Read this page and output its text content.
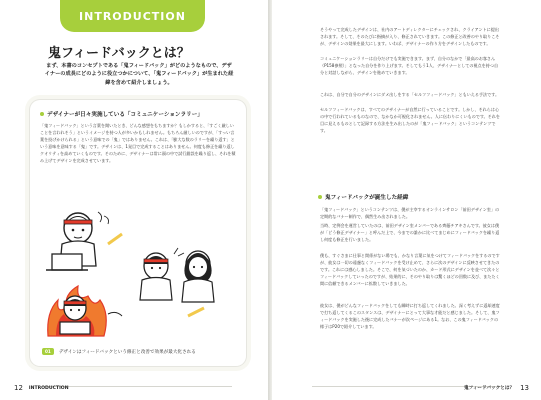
INTRODUCTION
鬼フィードバックとは？
まず、本書のコンセプトである「鬼フィードバック」がどのようなもので、デザイナーの成長にどのように役立つかについて、「鬼フィードバック」が生まれた経緯を含めて紹介しましょう。
デザイナーが日々実施している「コミュニケーションラリー」
「鬼フィードバック」という言葉を聞いたとき、どんな感想をもちますか？もしかすると、「すごく厳しいことを言われそう」というイメージを持つ人が多いかもしれません。もちろん厳しいのですが、「すっい言葉を投げかけられる」という意味での「鬼」ではありません。これは、「膨大な数のラリーを繰り返す」という意味を意味する「鬼」です。デザインは、1発目で完成することはありません。何度も修正を繰り返しクオリティを高めていくものです。そのために、デザイナーは常に頭の中で試行錯誤を繰り返し、それを積み上げてデザインを完成させています。
01	デザインはフィードバックという修正と改善で効果が最大化される
12 INTRODUCTION
そうやって完成したデザインは、社内のアートディレクターにチェックされ、クライアントに提出されます。そして、そのたびに指摘が入り、修正されていきます。この修正と改善のやり取りこそが、デザインの効果を最大にします。いわば、デザイナーの作り方をデザインしたものです。
コミュニケーションラリーは自分だけでも実施できます。まず、自分のなかで「最高のお客さん（P158参照）」となった自分を作り上げます。そしてもう1人、デザイナーとしての視点を持つ自分と対話しながら、デザインを進めていきます。
これは、自分で自分のデザインにダメ出しをする「セルフフィードバック」ともいえる手法です。
セルフフィードバックは、すべてのデザイナーが自然に行っていることです。しかし、それらは心の中で行われているものなので、なかなか可視化されません。人に伝わりにくいものです。それを目に見えるものとして記録する方法を生み出したのが「鬼フィードバック」というコンテンツです。
鬼フィードバックが誕生した経緯
「鬼フィードバック」というコンテンツは、僕が主宰するオンラインサロン「前田デザイン室」の定期的なバナー制作で、偶然生み出されました。
当時、定例会を運営していたのは、前田デザイン室メンバーである齊藤チアキさんです。彼女は僕が「どう修正デザイナー」と呼んだ上で、今までの誰かに比べてまじめにフィードバックを繰り返し何度も修正を行いました。
僕も、すぐさまに仕事と関係がない場でも、かなり言葉に気をつけてフィードバックをするのですが、彼女は一切の遠慮なくフィードバックを受け止めて、さらに次のデザインに反映させてきたのです。これには感心しました。そこで、何を気づいたのか、カード形式にデザインを並べて次々とフィードバックしていったのですが、結果的に、そのやり取りは驚くほどの回数に及び、またたく間に信頼できるメンバーに拡散していきました。
彼女は、僕がどんなフィードバックをしても瞬時に打ち返してくれました。深く考えずに返却速度で打ち返してくるこのスタンスは、デザイナーにとって大事な才能だと感じました。そして、鬼フィードバックを実施した後に完成したバナーが次ページにある1。なお、この鬼フィードバックの様子はP20で紹介しています。
鬼フィードバックとは？ 13
